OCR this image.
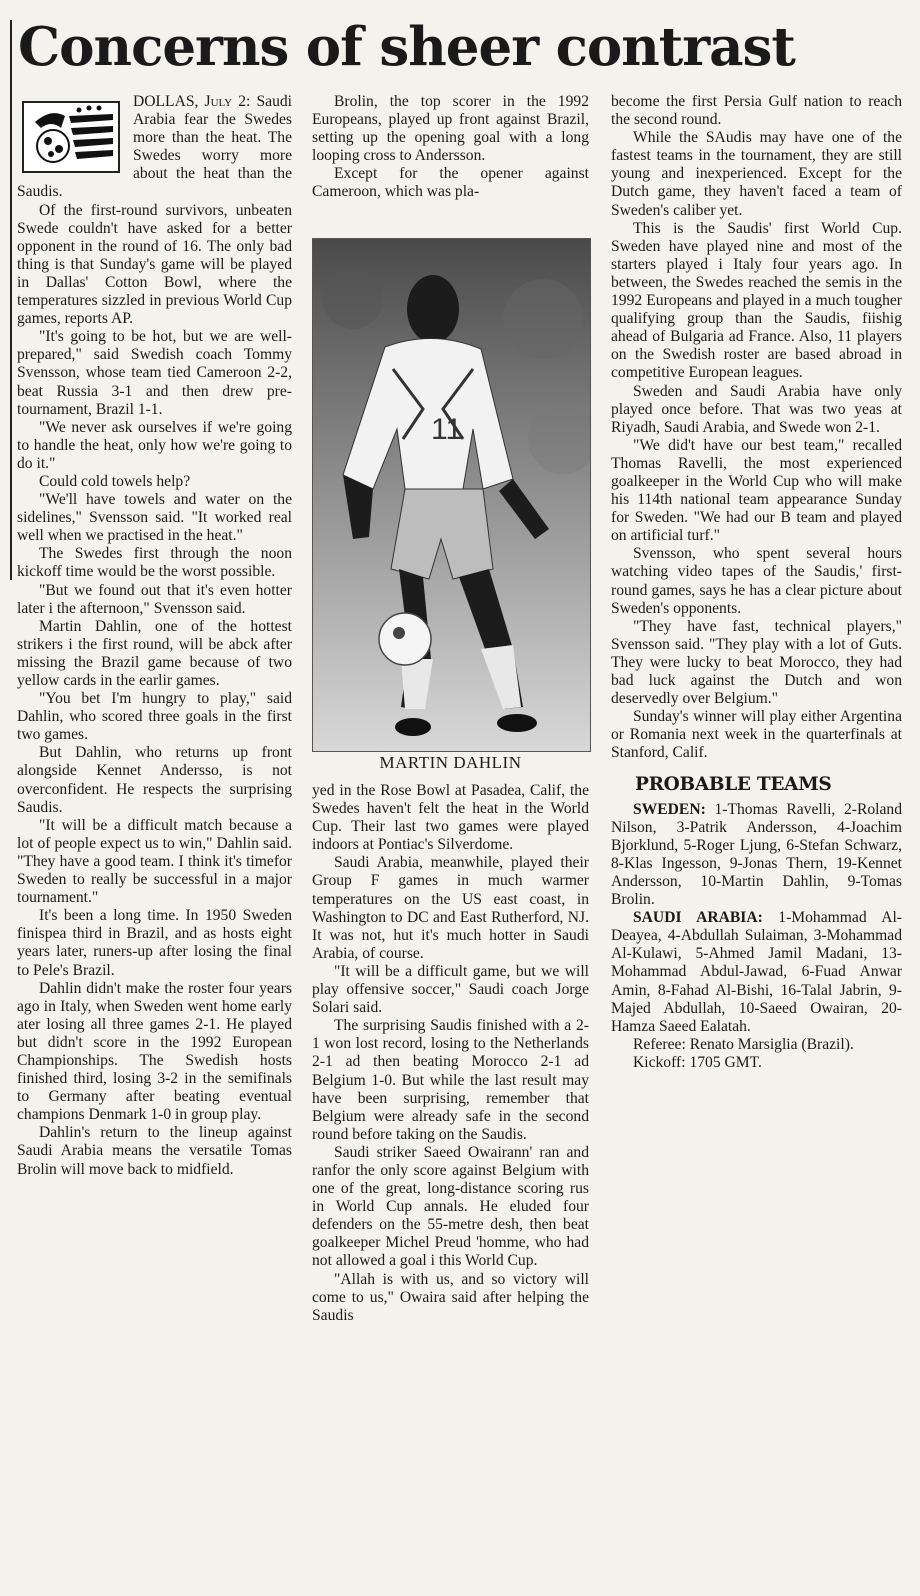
Concerns of sheer contrast

DOLLAS, July 2: Saudi Arabia fear the Swedes more than the heat. The Swedes worry more about the heat than the Saudis.

Of the first-round survivors, unbeaten Swede couldn't have asked for a better opponent in the round of 16. The only bad thing is that Sunday's game will be played in Dallas' Cotton Bowl, where the temperatures sizzled in previous World Cup games, reports AP.

"It's going to be hot, but we are well-prepared," said Swedish coach Tommy Svensson, whose team tied Cameroon 2-2, beat Russia 3-1 and then drew pre-tournament, Brazil 1-1.

"We never ask ourselves if we're going to handle the heat, only how we're going to do it."

Could cold towels help?

"We'll have towels and water on the sidelines," Svensson said. "It worked real well when we practised in the heat."

The Swedes first through the noon kickoff time would be the worst possible.

"But we found out that it's even hotter later i the afternoon," Svensson said.

Martin Dahlin, one of the hottest strikers i the first round, will be abck after missing the Brazil game because of two yellow cards in the earlir games.

"You bet I'm hungry to play," said Dahlin, who scored three goals in the first two games.

But Dahlin, who returns up front alongside Kennet Andersso, is not overconfident. He respects the surprising Saudis.

"It will be a difficult match because a lot of people expect us to win," Dahlin said. "They have a good team. I think it's timefor Sweden to really be successful in a major tournament."

It's been a long time. In 1950 Sweden finispea third in Brazil, and as hosts eight years later, runers-up after losing the final to Pele's Brazil.

Dahlin didn't make the roster four years ago in Italy, when Sweden went home early ater losing all three games 2-1. He played but didn't score in the 1992 European Championships. The Swedish hosts finished third, losing 3-2 in the semifinals to Germany after beating eventual champions Denmark 1-0 in group play.

Dahlin's return to the lineup against Saudi Arabia means the versatile Tomas Brolin will move back to midfield.

Brolin, the top scorer in the 1992 Europeans, played up front against Brazil, setting up the opening goal with a long looping cross to Andersson.

Except for the opener against Cameroon, which was pla-

11
MARTIN DAHLIN

yed in the Rose Bowl at Pasadea, Calif, the Swedes haven't felt the heat in the World Cup. Their last two games were played indoors at Pontiac's Silverdome.

Saudi Arabia, meanwhile, played their Group F games in much warmer temperatures on the US east coast, in Washington to DC and East Rutherford, NJ. It was not, hut it's much hotter in Saudi Arabia, of course.

"It will be a difficult game, but we will play offensive soccer," Saudi coach Jorge Solari said.

The surprising Saudis finished with a 2-1 won lost record, losing to the Netherlands 2-1 ad then beating Morocco 2-1 ad Belgium 1-0. But while the last result may have been surprising, remember that Belgium were already safe in the second round before taking on the Saudis.

Saudi striker Saeed Owairann' ran and ranfor the only score against Belgium with one of the great, long-distance scoring rus in World Cup annals. He eluded four defenders on the 55-metre desh, then beat goalkeeper Michel Preud 'homme, who had not allowed a goal i this World Cup.

"Allah is with us, and so victory will come to us," Owaira said after helping the Saudis

become the first Persia Gulf nation to reach the second round.

While the SAudis may have one of the fastest teams in the tournament, they are still young and inexperienced. Except for the Dutch game, they haven't faced a team of Sweden's caliber yet.

This is the Saudis' first World Cup. Sweden have played nine and most of the starters played i Italy four years ago. In between, the Swedes reached the semis in the 1992 Europeans and played in a much tougher qualifying group than the Saudis, fiishig ahead of Bulgaria ad France. Also, 11 players on the Swedish roster are based abroad in competitive European leagues.

Sweden and Saudi Arabia have only played once before. That was two yeas at Riyadh, Saudi Arabia, and Swede won 2-1.

"We did't have our best team," recalled Thomas Ravelli, the most experienced goalkeeper in the World Cup who will make his 114th national team appearance Sunday for Sweden. "We had our B team and played on artificial turf."

Svensson, who spent several hours watching video tapes of the Saudis,' first-round games, says he has a clear picture about Sweden's opponents.

"They have fast, technical players," Svensson said. "They play with a lot of Guts. They were lucky to beat Morocco, they had bad luck against the Dutch and won deservedly over Belgium."

Sunday's winner will play either Argentina or Romania next week in the quarterfinals at Stanford, Calif.

PROBABLE TEAMS

SWEDEN: 1-Thomas Ravelli, 2-Roland Nilson, 3-Patrik Andersson, 4-Joachim Bjorklund, 5-Roger Ljung, 6-Stefan Schwarz, 8-Klas Ingesson, 9-Jonas Thern, 19-Kennet Andersson, 10-Martin Dahlin, 9-Tomas Brolin.

SAUDI ARABIA: 1-Mohammad Al-Deayea, 4-Abdullah Sulaiman, 3-Mohammad Al-Kulawi, 5-Ahmed Jamil Madani, 13-Mohammad Abdul-Jawad, 6-Fuad Anwar Amin, 8-Fahad Al-Bishi, 16-Talal Jabrin, 9-Majed Abdullah, 10-Saeed Owairan, 20-Hamza Saeed Ealatah.

Referee: Renato Marsiglia (Brazil).

Kickoff: 1705 GMT.
